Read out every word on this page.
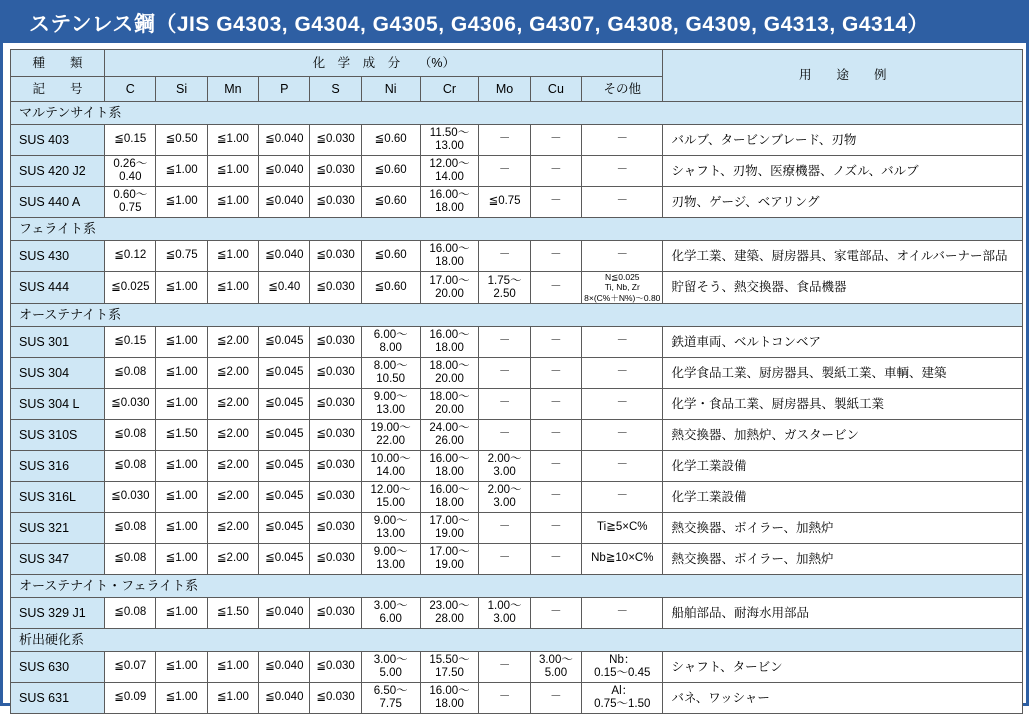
ステンレス鋼（JIS G4303, G4304, G4305, G4306, G4307, G4308, G4309, G4313, G4314）
種　　類	化　学　成　分　　（%）										用　　途　　例
記　　号	C	Si	Mn	P	S	Ni	Cr	Mo	Cu	その他	
マルテンサイト系											
SUS 403	≦0.15	≦0.50	≦1.00	≦0.040	≦0.030	≦0.60	11.50～
13.00	－	－	－	バルブ、タービンブレード、刃物
SUS 420 J2	0.26～
0.40	≦1.00	≦1.00	≦0.040	≦0.030	≦0.60	12.00～
14.00	－	－	－	シャフト、刃物、医療機器、ノズル、バルブ
SUS 440 A	0.60～
0.75	≦1.00	≦1.00	≦0.040	≦0.030	≦0.60	16.00～
18.00	≦0.75	－	－	刃物、ゲージ、ベアリング
フェライト系											
SUS 430	≦0.12	≦0.75	≦1.00	≦0.040	≦0.030	≦0.60	16.00～
18.00	－	－	－	化学工業、建築、厨房器具、家電部品、オイルバーナー部品
SUS 444	≦0.025	≦1.00	≦1.00	≦0.40	≦0.030	≦0.60	17.00～
20.00	1.75～
2.50	－	N≦0.025
Ti, Nb, Zr
8×(C%＋N%)～0.80	貯留そう、熱交換器、食品機器
オーステナイト系											
SUS 301	≦0.15	≦1.00	≦2.00	≦0.045	≦0.030	6.00～
8.00	16.00～
18.00	－	－	－	鉄道車両、ベルトコンベア
SUS 304	≦0.08	≦1.00	≦2.00	≦0.045	≦0.030	8.00～
10.50	18.00～
20.00	－	－	－	化学食品工業、厨房器具、製紙工業、車輌、建築
SUS 304 L	≦0.030	≦1.00	≦2.00	≦0.045	≦0.030	9.00～
13.00	18.00～
20.00	－	－	－	化学・食品工業、厨房器具、製紙工業
SUS 310S	≦0.08	≦1.50	≦2.00	≦0.045	≦0.030	19.00～
22.00	24.00～
26.00	－	－	－	熱交換器、加熱炉、ガスタービン
SUS 316	≦0.08	≦1.00	≦2.00	≦0.045	≦0.030	10.00～
14.00	16.00～
18.00	2.00～
3.00	－	－	化学工業設備
SUS 316L	≦0.030	≦1.00	≦2.00	≦0.045	≦0.030	12.00～
15.00	16.00～
18.00	2.00～
3.00	－	－	化学工業設備
SUS 321	≦0.08	≦1.00	≦2.00	≦0.045	≦0.030	9.00～
13.00	17.00～
19.00	－	－	Ti≧5×C%	熱交換器、ボイラー、加熱炉
SUS 347	≦0.08	≦1.00	≦2.00	≦0.045	≦0.030	9.00～
13.00	17.00～
19.00	－	－	Nb≧10×C%	熱交換器、ボイラー、加熱炉
オーステナイト・フェライト系											
SUS 329 J1	≦0.08	≦1.00	≦1.50	≦0.040	≦0.030	3.00～
6.00	23.00～
28.00	1.00～
3.00	－	－	船舶部品、耐海水用部品
析出硬化系											
SUS 630	≦0.07	≦1.00	≦1.00	≦0.040	≦0.030	3.00～
5.00	15.50～
17.50	－	3.00～
5.00	Nb：
0.15～0.45	シャフト、タービン
SUS 631	≦0.09	≦1.00	≦1.00	≦0.040	≦0.030	6.50～
7.75	16.00～
18.00	－	－	Al：
0.75～1.50	バネ、ワッシャー
